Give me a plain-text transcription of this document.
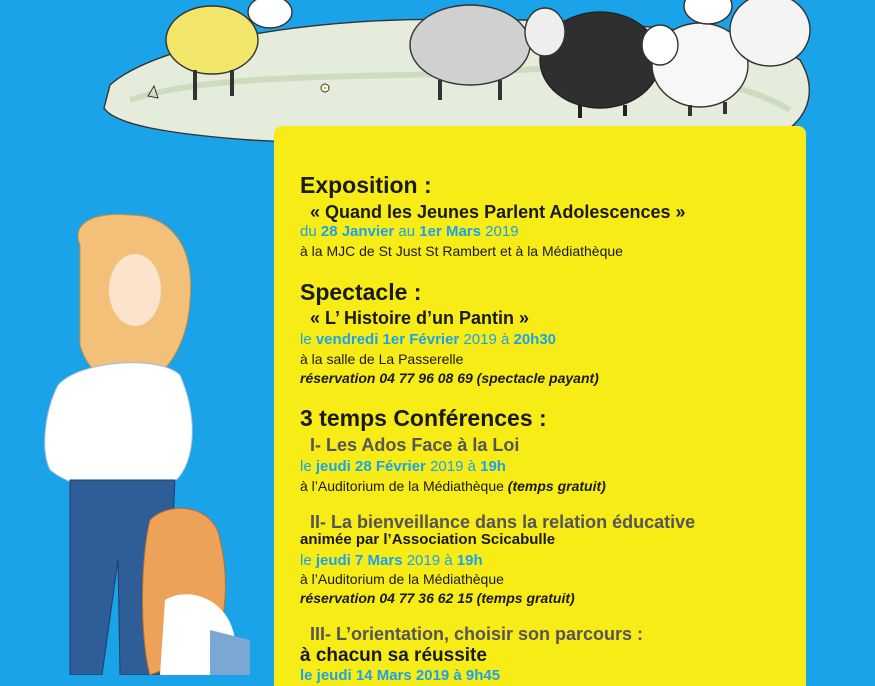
Exposition :

« Quand les Jeunes Parlent Adolescences »

du 28 Janvier au 1er Mars 2019

à la MJC de St Just St Rambert et à la Médiathèque

Spectacle :

« L’ Histoire d’un Pantin »

le vendredi 1er Février 2019 à 20h30

à la salle de La Passerelle

réservation 04 77 96 08 69 (spectacle payant)

3 temps Conférences :

I- Les Ados Face à la Loi

le jeudi 28 Février 2019 à 19h

à l’Auditorium de la Médiathèque (temps gratuit)

II- La bienveillance dans la relation éducative

animée par l’Association Scicabulle

le jeudi 7 Mars 2019 à 19h

à l’Auditorium de la Médiathèque

réservation 04 77 36 62 15 (temps gratuit)

III- L’orientation, choisir son parcours :

à chacun sa réussite

le jeudi 14 Mars 2019 à 9h45
